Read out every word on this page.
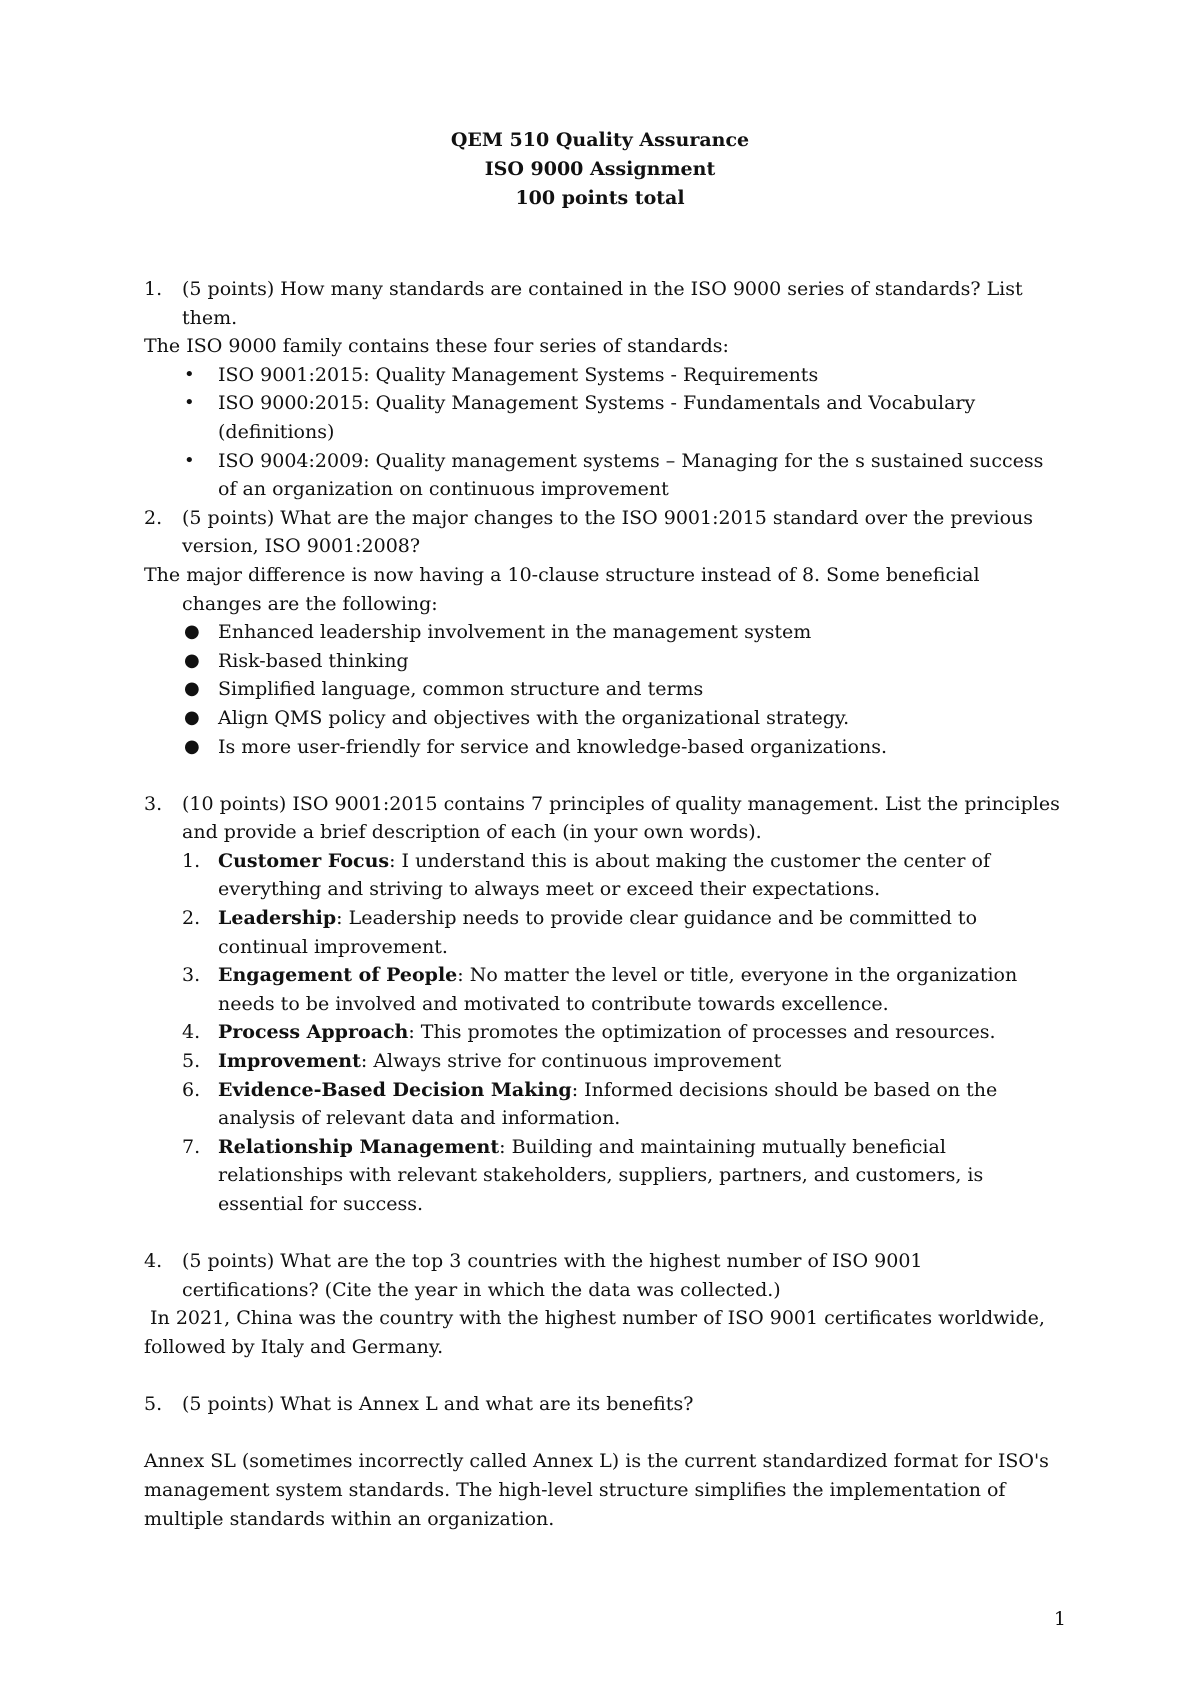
QEM 510 Quality Assurance
ISO 9000 Assignment
100 points total
1. (5 points) How many standards are contained in the ISO 9000 series of standards? List them.
The ISO 9000 family contains these four series of standards:
• ISO 9001:2015: Quality Management Systems - Requirements
• ISO 9000:2015: Quality Management Systems - Fundamentals and Vocabulary (definitions)
• ISO 9004:2009: Quality management systems – Managing for the s sustained success of an organization on continuous improvement
2. (5 points) What are the major changes to the ISO 9001:2015 standard over the previous version, ISO 9001:2008?
The major difference is now having a 10-clause structure instead of 8. Some beneficial changes are the following:
● Enhanced leadership involvement in the management system
● Risk-based thinking
● Simplified language, common structure and terms
● Align QMS policy and objectives with the organizational strategy.
● Is more user-friendly for service and knowledge-based organizations.
3. (10 points) ISO 9001:2015 contains 7 principles of quality management. List the principles and provide a brief description of each (in your own words).
1. Customer Focus: I understand this is about making the customer the center of everything and striving to always meet or exceed their expectations.
2. Leadership: Leadership needs to provide clear guidance and be committed to continual improvement.
3. Engagement of People: No matter the level or title, everyone in the organization needs to be involved and motivated to contribute towards excellence.
4. Process Approach: This promotes the optimization of processes and resources.
5. Improvement: Always strive for continuous improvement
6. Evidence-Based Decision Making: Informed decisions should be based on the analysis of relevant data and information.
7. Relationship Management: Building and maintaining mutually beneficial relationships with relevant stakeholders, suppliers, partners, and customers, is essential for success.
4. (5 points) What are the top 3 countries with the highest number of ISO 9001 certifications? (Cite the year in which the data was collected.)
In 2021, China was the country with the highest number of ISO 9001 certificates worldwide, followed by Italy and Germany.
5. (5 points) What is Annex L and what are its benefits?
Annex SL (sometimes incorrectly called Annex L) is the current standardized format for ISO's management system standards. The high-level structure simplifies the implementation of multiple standards within an organization.
1
